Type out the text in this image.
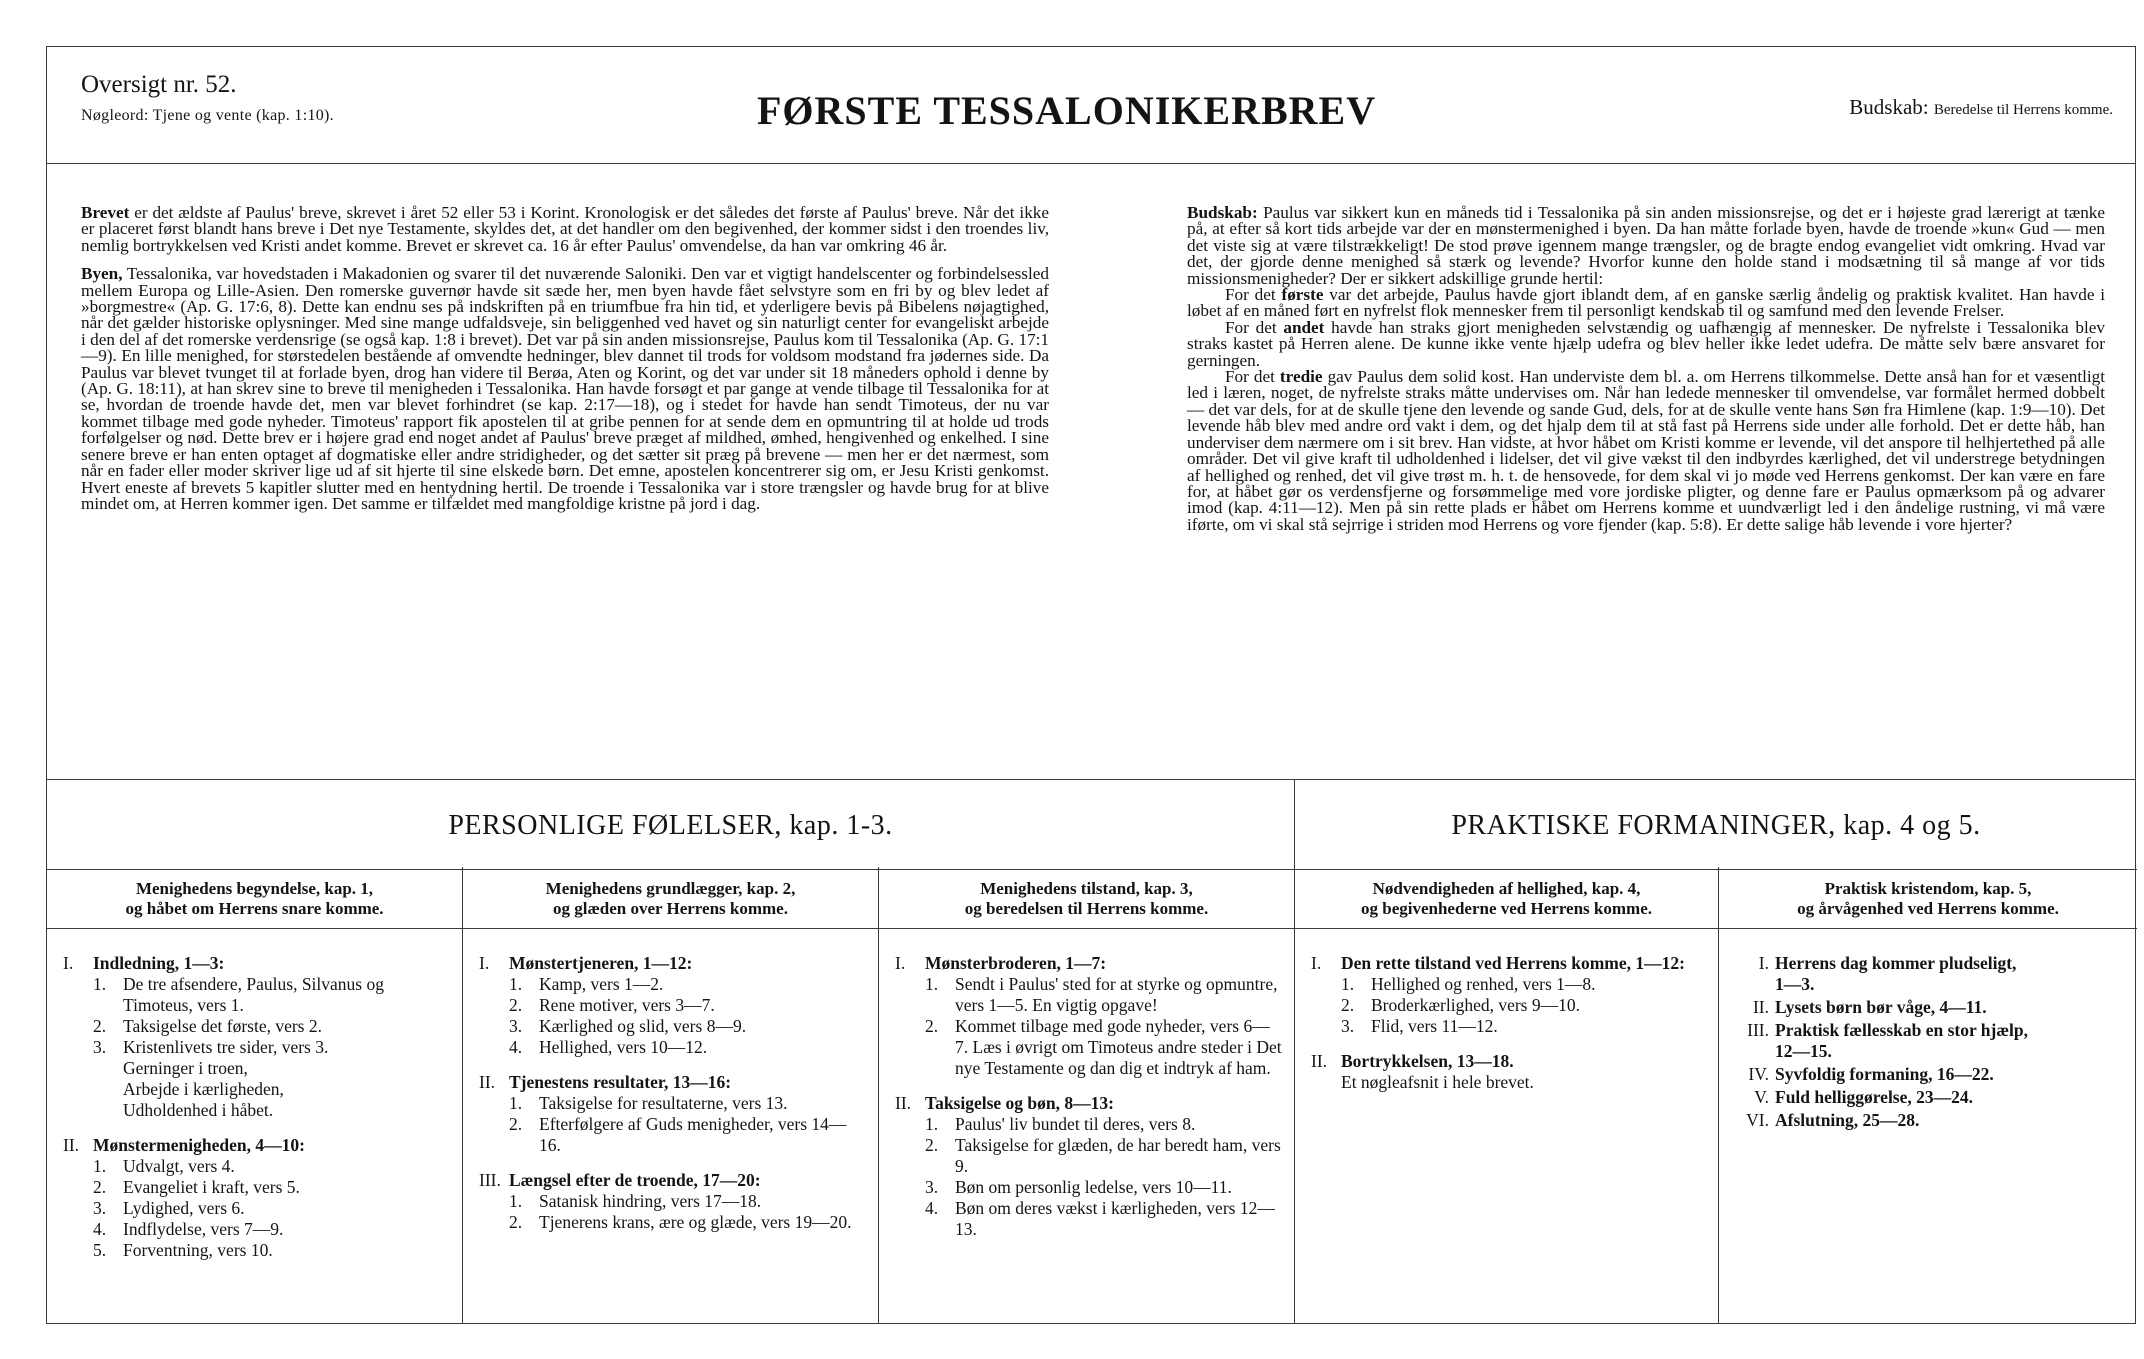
Oversigt nr. 52.
Nøgleord: Tjene og vente (kap. 1:10).	FØRSTE TESSALONIKERBREV	Budskab: Beredelse til Herrens komme.

Brevet er det ældste af Paulus' breve, skrevet i året 52 eller 53 i Korint. Kronologisk er det således det første af Paulus' breve. Når det ikke er placeret først blandt hans breve i Det nye Testamente, skyldes det, at det handler om den begivenhed, der kommer sidst i den troendes liv, nemlig bortrykkelsen ved Kristi andet komme. Brevet er skrevet ca. 16 år efter Paulus' omvendelse, da han var omkring 46 år.

Byen, Tessalonika, var hovedstaden i Makadonien og svarer til det nuværende Saloniki. Den var et vigtigt handelscenter og forbindelsessled mellem Europa og Lille-Asien. Den romerske guvernør havde sit sæde her, men byen havde fået selvstyre som en fri by og blev ledet af »borgmestre« (Ap. G. 17:6, 8). Dette kan endnu ses på indskriften på en triumfbue fra hin tid, et yderligere bevis på Bibelens nøjagtighed, når det gælder historiske oplysninger. Med sine mange udfaldsveje, sin beliggenhed ved havet og sin naturligt center for evangeliskt arbejde i den del af det romerske verdensrige (se også kap. 1:8 i brevet). Det var på sin anden missionsrejse, Paulus kom til Tessalonika (Ap. G. 17:1—9). En lille menighed, for størstedelen bestående af omvendte hedninger, blev dannet til trods for voldsom modstand fra jødernes side. Da Paulus var blevet tvunget til at forlade byen, drog han videre til Berøa, Aten og Korint, og det var under sit 18 måneders ophold i denne by (Ap. G. 18:11), at han skrev sine to breve til menigheden i Tessalonika. Han havde forsøgt et par gange at vende tilbage til Tessalonika for at se, hvordan de troende havde det, men var blevet forhindret (se kap. 2:17—18), og i stedet for havde han sendt Timoteus, der nu var kommet tilbage med gode nyheder. Timoteus' rapport fik apostelen til at gribe pennen for at sende dem en opmuntring til at holde ud trods forfølgelser og nød. Dette brev er i højere grad end noget andet af Paulus' breve præget af mildhed, ømhed, hengivenhed og enkelhed. I sine senere breve er han enten optaget af dogmatiske eller andre stridigheder, og det sætter sit præg på brevene — men her er det nærmest, som når en fader eller moder skriver lige ud af sit hjerte til sine elskede børn. Det emne, apostelen koncentrerer sig om, er Jesu Kristi genkomst. Hvert eneste af brevets 5 kapitler slutter med en hentydning hertil. De troende i Tessalonika var i store trængsler og havde brug for at blive mindet om, at Herren kommer igen. Det samme er tilfældet med mangfoldige kristne på jord i dag.

Budskab: Paulus var sikkert kun en måneds tid i Tessalonika på sin anden missionsrejse, og det er i højeste grad lærerigt at tænke på, at efter så kort tids arbejde var der en mønstermenighed i byen. Da han måtte forlade byen, havde de troende »kun« Gud — men det viste sig at være tilstrækkeligt! De stod prøve igennem mange trængsler, og de bragte endog evangeliet vidt omkring. Hvad var det, der gjorde denne menighed så stærk og levende? Hvorfor kunne den holde stand i modsætning til så mange af vor tids missionsmenigheder? Der er sikkert adskillige grunde hertil:

For det første var det arbejde, Paulus havde gjort iblandt dem, af en ganske særlig åndelig og praktisk kvalitet. Han havde i løbet af en måned ført en nyfrelst flok mennesker frem til personligt kendskab til og samfund med den levende Frelser.

For det andet havde han straks gjort menigheden selvstændig og uafhængig af mennesker. De nyfrelste i Tessalonika blev straks kastet på Herren alene. De kunne ikke vente hjælp udefra og blev heller ikke ledet udefra. De måtte selv bære ansvaret for gerningen.

For det tredie gav Paulus dem solid kost. Han underviste dem bl. a. om Herrens tilkommelse. Dette anså han for et væsentligt led i læren, noget, de nyfrelste straks måtte undervises om. Når han ledede mennesker til omvendelse, var formålet hermed dobbelt — det var dels, for at de skulle tjene den levende og sande Gud, dels, for at de skulle vente hans Søn fra Himlene (kap. 1:9—10). Det levende håb blev med andre ord vakt i dem, og det hjalp dem til at stå fast på Herrens side under alle forhold. Det er dette håb, han underviser dem nærmere om i sit brev. Han vidste, at hvor håbet om Kristi komme er levende, vil det anspore til helhjertethed på alle områder. Det vil give kraft til udholdenhed i lidelser, det vil give vækst til den indbyrdes kærlighed, det vil understrege betydningen af hellighed og renhed, det vil give trøst m. h. t. de hensovede, for dem skal vi jo møde ved Herrens genkomst. Der kan være en fare for, at håbet gør os verdensfjerne og forsømmelige med vore jordiske pligter, og denne fare er Paulus opmærksom på og advarer imod (kap. 4:11—12). Men på sin rette plads er håbet om Herrens komme et uundværligt led i den åndelige rustning, vi må være iførte, om vi skal stå sejrrige i striden mod Herrens og vore fjender (kap. 5:8). Er dette salige håb levende i vore hjerter?

PERSONLIGE FØLELSER, kap. 1-3.	PRAKTISKE FORMANINGER, kap. 4 og 5.
Menighedens begyndelse, kap. 1,
og håbet om Herrens snare komme.
I.	Indledning, 1—3:
1. De tre afsendere, Paulus, Silvanus og Timoteus, vers 1.
2. Taksigelse det første, vers 2.
3. Kristenlivets tre sider, vers 3.
Gerninger i troen,
Arbejde i kærligheden,
Udholdenhed i håbet.
II. Mønstermenigheden, 4—10:
1. Udvalgt, vers 4.
2. Evangeliet i kraft, vers 5.
3. Lydighed, vers 6.
4. Indflydelse, vers 7—9.
5. Forventning, vers 10.
Menighedens grundlægger, kap. 2,
og glæden over Herrens komme.
I.	Mønstertjeneren, 1—12:
1. Kamp, vers 1—2.
2. Rene motiver, vers 3—7.
3. Kærlighed og slid, vers 8—9.
4. Hellighed, vers 10—12.
II. Tjenestens resultater, 13—16:
1. Taksigelse for resultaterne, vers 13.
2. Efterfølgere af Guds menigheder, vers 14—16.
III. Længsel efter de troende, 17—20:
1. Satanisk hindring, vers 17—18.
2. Tjenerens krans, ære og glæde, vers 19—20.
Menighedens tilstand, kap. 3,
og beredelsen til Herrens komme.
I.	Mønsterbroderen, 1—7:
1. Sendt i Paulus' sted for at styrke og opmuntre, vers 1—5. En vigtig opgave!
2. Kommet tilbage med gode nyheder, vers 6—7. Læs i øvrigt om Timoteus andre steder i Det nye Testamente og dan dig et indtryk af ham.
II. Taksigelse og bøn, 8—13:
1. Paulus' liv bundet til deres, vers 8.
2. Taksigelse for glæden, de har beredt ham, vers 9.
3. Bøn om personlig ledelse, vers 10—11.
4. Bøn om deres vækst i kærligheden, vers 12—13.
Nødvendigheden af hellighed, kap. 4,
og begivenhederne ved Herrens komme.
I.	Den rette tilstand ved Herrens komme, 1—12:
1. Hellighed og renhed, vers 1—8.
2. Broderkærlighed, vers 9—10.
3. Flid, vers 11—12.
II. Bortrykkelsen, 13—18.
Et nøgleafsnit i hele brevet.
Praktisk kristendom, kap. 5,
og årvågenhed ved Herrens komme.
I. Herrens dag kommer pludseligt,
1—3.
II. Lysets børn bør våge, 4—11.
III. Praktisk fællesskab en stor hjælp,
12—15.
IV. Syvfoldig formaning, 16—22.
V. Fuld helliggørelse, 23—24.
VI. Afslutning, 25—28.
